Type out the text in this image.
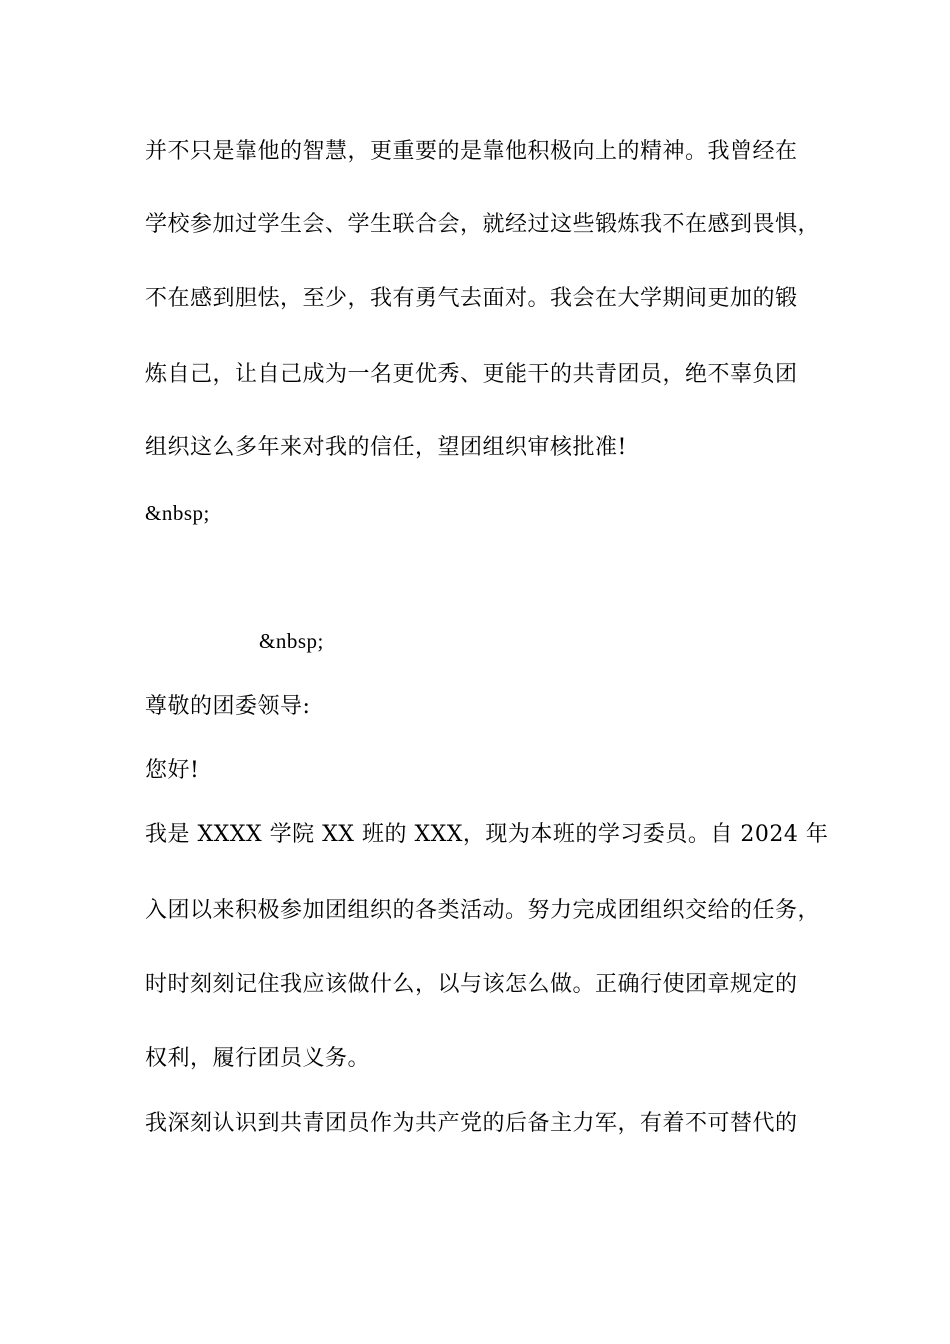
并不只是靠他的智慧，更重要的是靠他积极向上的精神。我曾经在

学校参加过学生会、学生联合会，就经过这些锻炼我不在感到畏惧，

不在感到胆怯，至少，我有勇气去面对。我会在大学期间更加的锻

炼自己，让自己成为一名更优秀、更能干的共青团员，绝不辜负团

组织这么多年来对我的信任，望团组织审核批准!

&nbsp;

&nbsp;

尊敬的团委领导:

您好!

我是 XXXX 学院 XX 班的 XXX，现为本班的学习委员。自 2024 年

入团以来积极参加团组织的各类活动。努力完成团组织交给的任务，

时时刻刻记住我应该做什么，以与该怎么做。正确行使团章规定的

权利，履行团员义务。

我深刻认识到共青团员作为共产党的后备主力军，有着不可替代的
